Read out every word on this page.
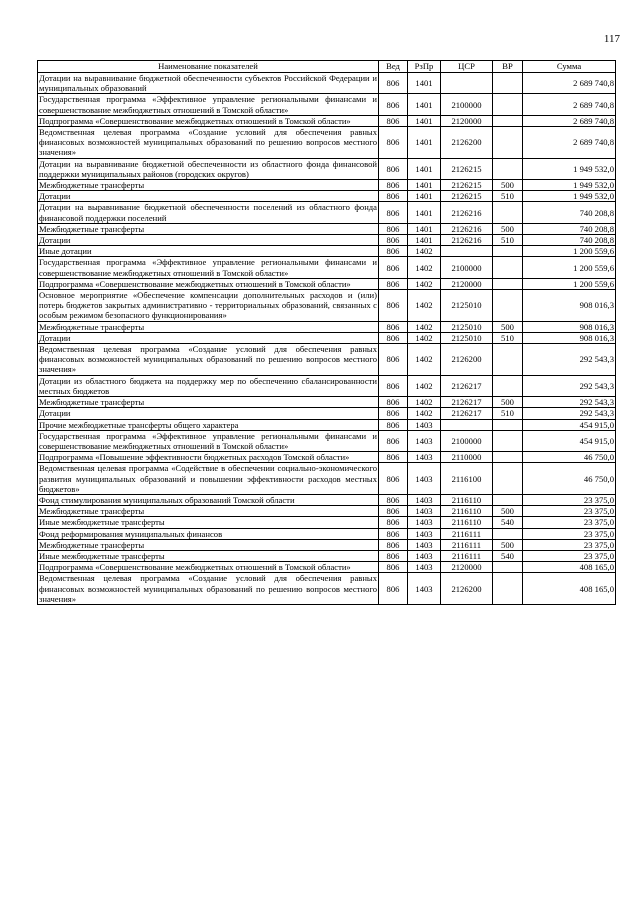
117
Наименование показателей	Вед	РзПр	ЦСР	ВР	Сумма
Дотации на выравнивание бюджетной обеспеченности субъектов Российской Федерации и муниципальных образований	806	1401			2 689 740,8
Государственная программа «Эффективное управление региональными финансами и совершенствование межбюджетных отношений в Томской области»	806	1401	2100000		2 689 740,8
Подпрограмма «Совершенствование межбюджетных отношений в Томской области»	806	1401	2120000		2 689 740,8
Ведомственная целевая программа «Создание условий для обеспечения равных финансовых возможностей муниципальных образований по решению вопросов местного значения»	806	1401	2126200		2 689 740,8
Дотации на выравнивание бюджетной обеспеченности из областного фонда финансовой поддержки муниципальных районов (городских округов)	806	1401	2126215		1 949 532,0
Межбюджетные трансферты	806	1401	2126215	500	1 949 532,0
Дотации	806	1401	2126215	510	1 949 532,0
Дотации на выравнивание бюджетной обеспеченности поселений из областного фонда финансовой поддержки поселений	806	1401	2126216		740 208,8
Межбюджетные трансферты	806	1401	2126216	500	740 208,8
Дотации	806	1401	2126216	510	740 208,8
Иные дотации	806	1402			1 200 559,6
Государственная программа «Эффективное управление региональными финансами и совершенствование межбюджетных отношений в Томской области»	806	1402	2100000		1 200 559,6
Подпрограмма «Совершенствование межбюджетных отношений в Томской области»	806	1402	2120000		1 200 559,6
Основное мероприятие «Обеспечение компенсации дополнительных расходов и (или) потерь бюджетов закрытых административно - территориальных образований, связанных с особым режимом безопасного функционирования»	806	1402	2125010		908 016,3
Межбюджетные трансферты	806	1402	2125010	500	908 016,3
Дотации	806	1402	2125010	510	908 016,3
Ведомственная целевая программа «Создание условий для обеспечения равных финансовых возможностей муниципальных образований по решению вопросов местного значения»	806	1402	2126200		292 543,3
Дотации из областного бюджета на поддержку мер по обеспечению сбалансированности местных бюджетов	806	1402	2126217		292 543,3
Межбюджетные трансферты	806	1402	2126217	500	292 543,3
Дотации	806	1402	2126217	510	292 543,3
Прочие межбюджетные трансферты общего характера	806	1403			454 915,0
Государственная программа «Эффективное управление региональными финансами и совершенствование межбюджетных отношений в Томской области»	806	1403	2100000		454 915,0
Подпрограмма «Повышение эффективности бюджетных расходов Томской области»	806	1403	2110000		46 750,0
Ведомственная целевая программа «Содействие в обеспечении социально-экономического развития муниципальных образований и повышении эффективности расходов местных бюджетов»	806	1403	2116100		46 750,0
Фонд стимулирования муниципальных образований Томской области	806	1403	2116110		23 375,0
Межбюджетные трансферты	806	1403	2116110	500	23 375,0
Иные межбюджетные трансферты	806	1403	2116110	540	23 375,0
Фонд реформирования муниципальных финансов	806	1403	2116111		23 375,0
Межбюджетные трансферты	806	1403	2116111	500	23 375,0
Иные межбюджетные трансферты	806	1403	2116111	540	23 375,0
Подпрограмма «Совершенствование межбюджетных отношений в Томской области»	806	1403	2120000		408 165,0
Ведомственная целевая программа «Создание условий для обеспечения равных финансовых возможностей муниципальных образований по решению вопросов местного значения»	806	1403	2126200		408 165,0
